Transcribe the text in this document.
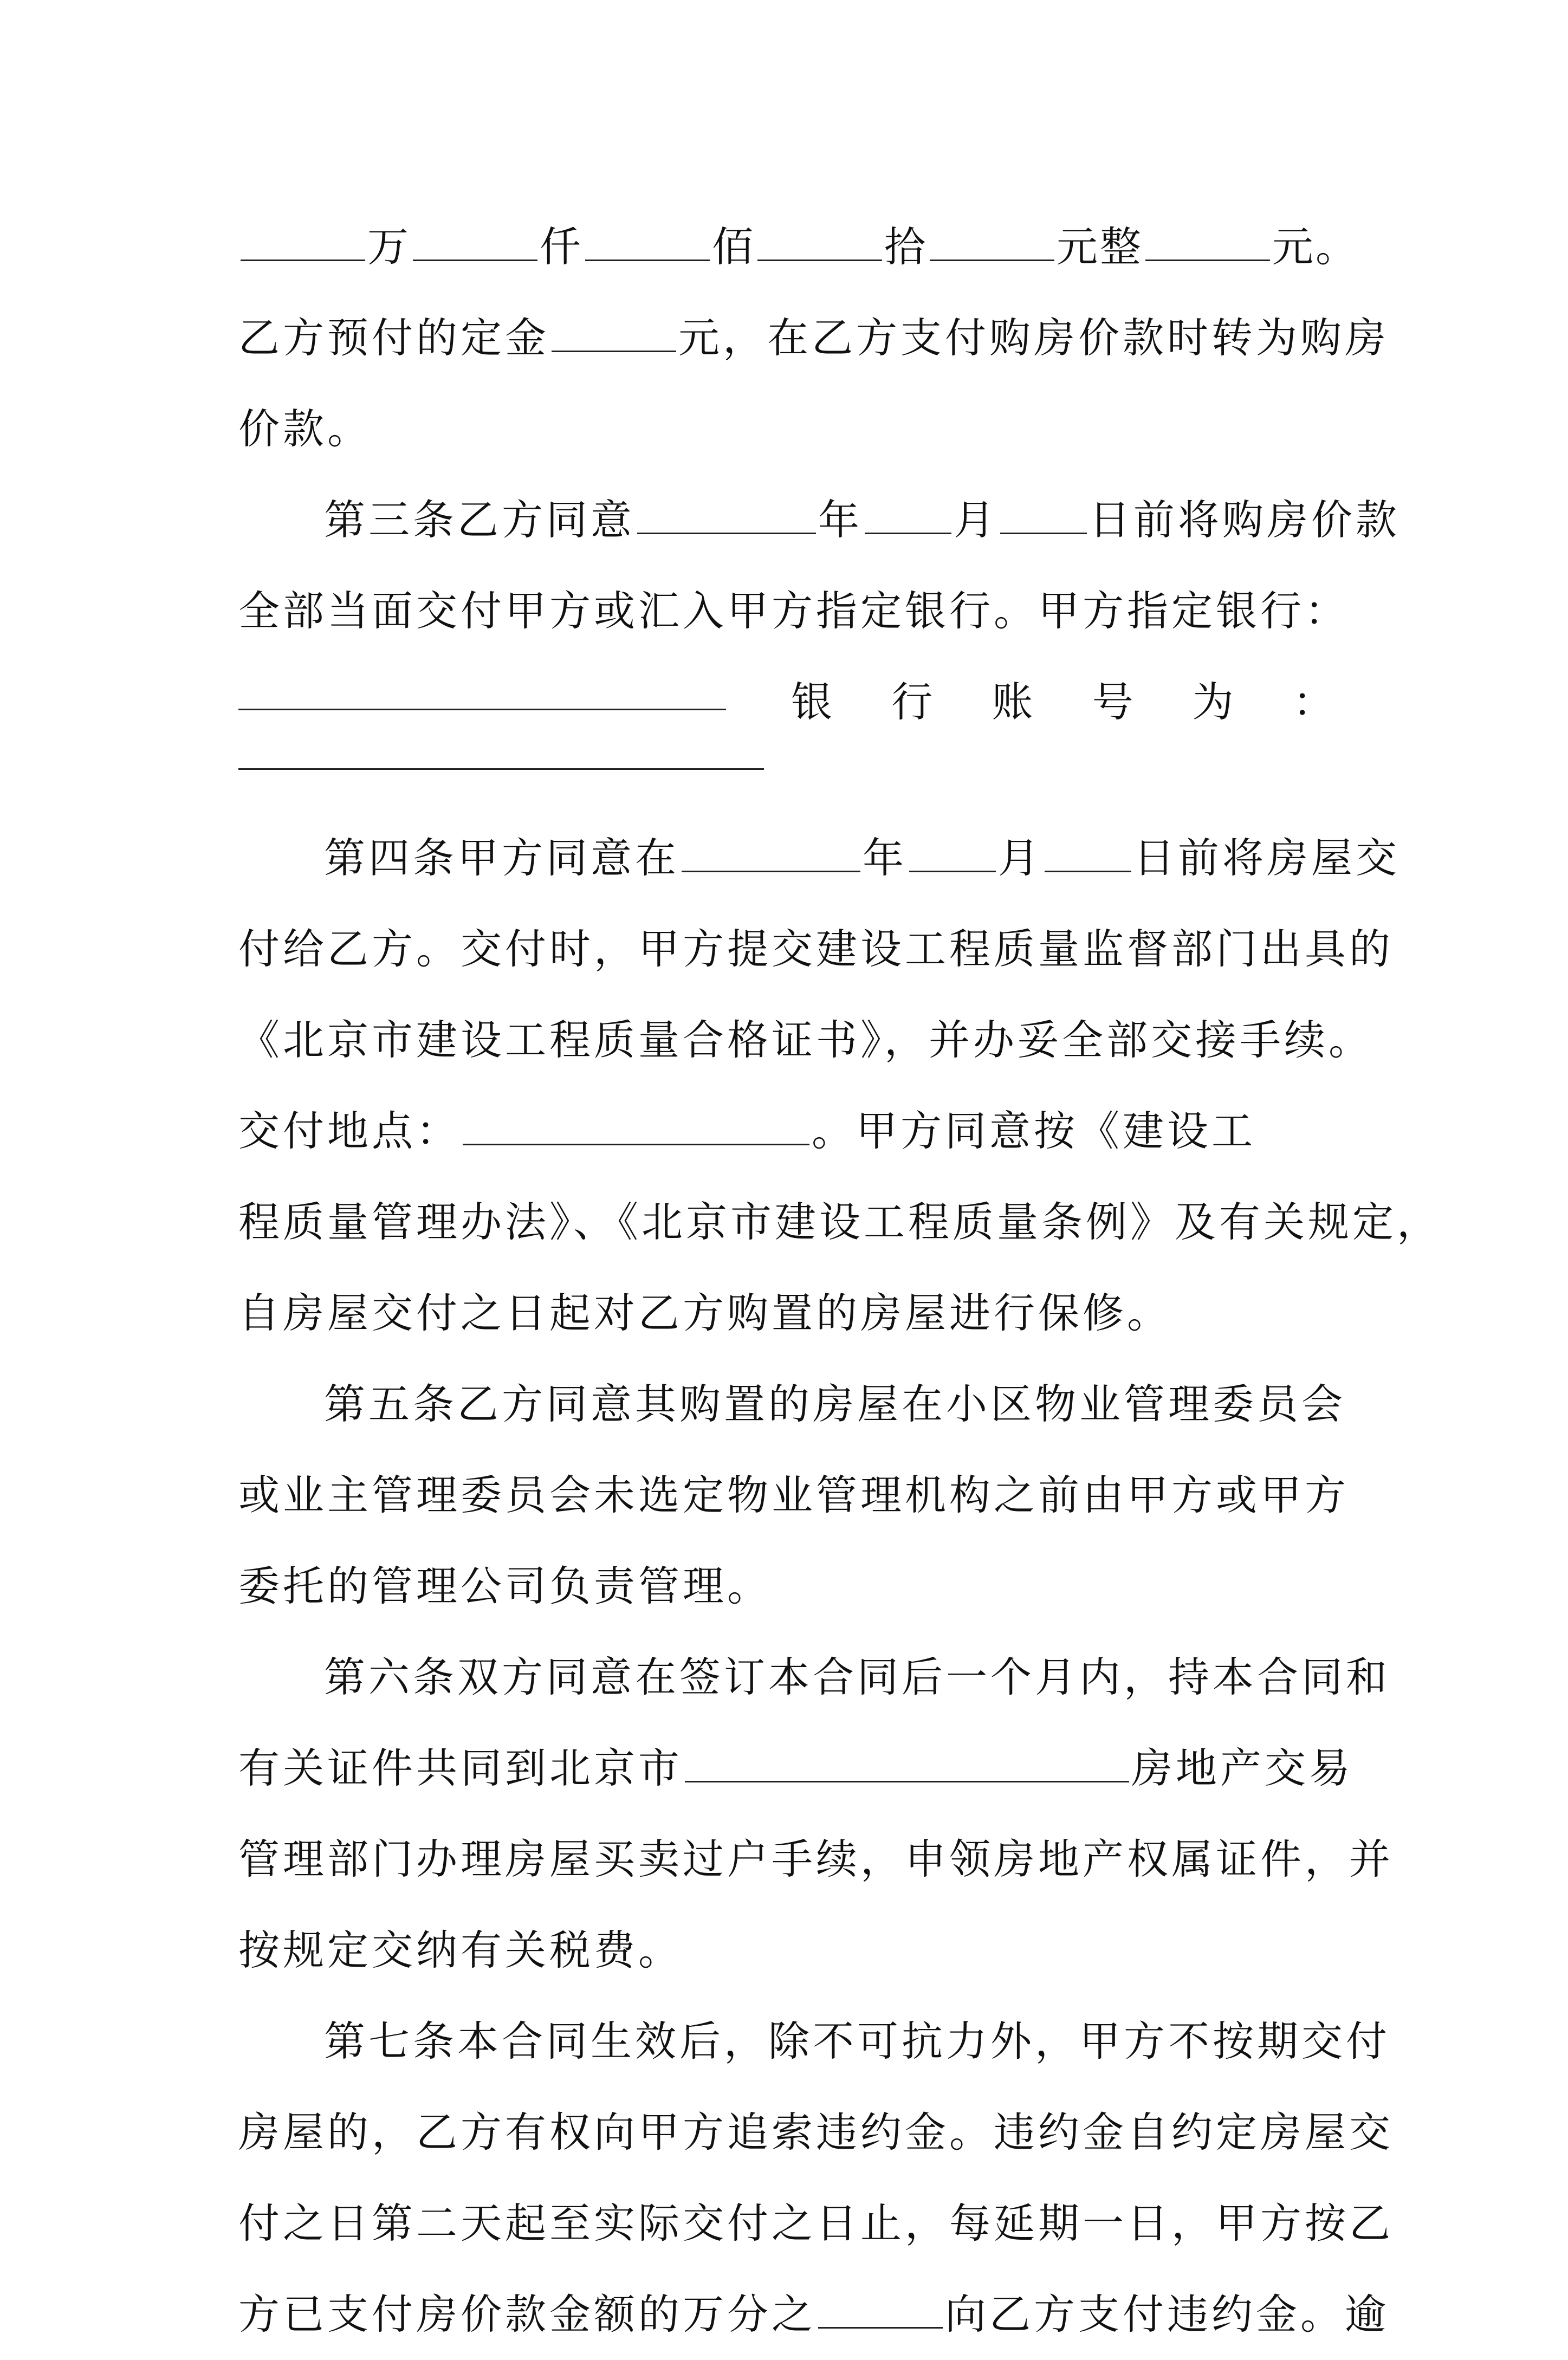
万	仟	佰	拾	元整	元。
乙方预付的定金	元，在乙方支付购房价款时转为购房
价款。
第三条乙方同意	年 月 日前将购房价款
全部当面交付甲方或汇入甲方指定银行。甲方指定银行：
银 行 账 号 为 ：
第四条甲方同意在	年 月 日前将房屋交
付给乙方。交付时，甲方提交建设工程质量监督部门出具的
《北京市建设工程质量合格证书》，并办妥全部交接手续。
交付地点：	。甲方同意按《建设工
程质量管理办法》、《北京市建设工程质量条例》及有关规定，
自房屋交付之日起对乙方购置的房屋进行保修。
第五条乙方同意其购置的房屋在小区物业管理委员会
或业主管理委员会未选定物业管理机构之前由甲方或甲方
委托的管理公司负责管理。
第六条双方同意在签订本合同后一个月内，持本合同和
有关证件共同到北京市	房地产交易
管理部门办理房屋买卖过户手续，申领房地产权属证件，并
按规定交纳有关税费。
第七条本合同生效后，除不可抗力外，甲方不按期交付
房屋的，乙方有权向甲方追索违约金。违约金自约定房屋交
付之日第二天起至实际交付之日止，每延期一日，甲方按乙
方已支付房价款金额的万分之	向乙方支付违约金。逾
